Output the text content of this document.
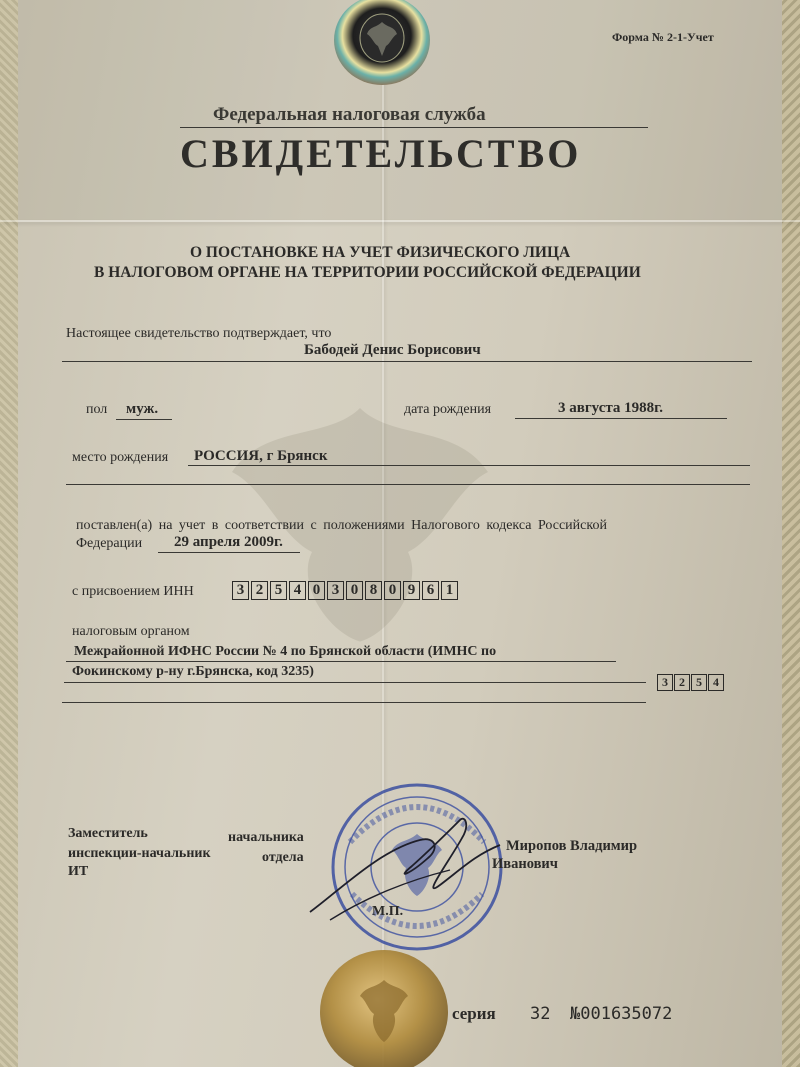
Форма № 2-1-Учет
Федеральная налоговая служба
СВИДЕТЕЛЬСТВО
О ПОСТАНОВКЕ НА УЧЕТ ФИЗИЧЕСКОГО ЛИЦА
В НАЛОГОВОМ ОРГАНЕ НА ТЕРРИТОРИИ РОССИЙСКОЙ ФЕДЕРАЦИИ
Настоящее свидетельство подтверждает, что
Бабодей Денис Борисович
пол муж.	дата рождения	3 августа 1988г.
место рождения РОССИЯ, г Брянск
поставлен(а) на учет в соответствии с положениями Налогового кодекса Российской
Федерации 29 апреля 2009г.
с присвоением ИНН	3 2 5 4 0 3 0 8 0 9 6 1
налоговым органом
Межрайонной ИФНС России № 4 по Брянской области (ИМНС по
Фокинскому р-ну г.Брянска, код 3235)
3 2 5 4
Заместитель	начальника
инспекции-начальник	отдела
ИТ
Миропов Владимир
Иванович
М.П.
серия 32 №001635072
